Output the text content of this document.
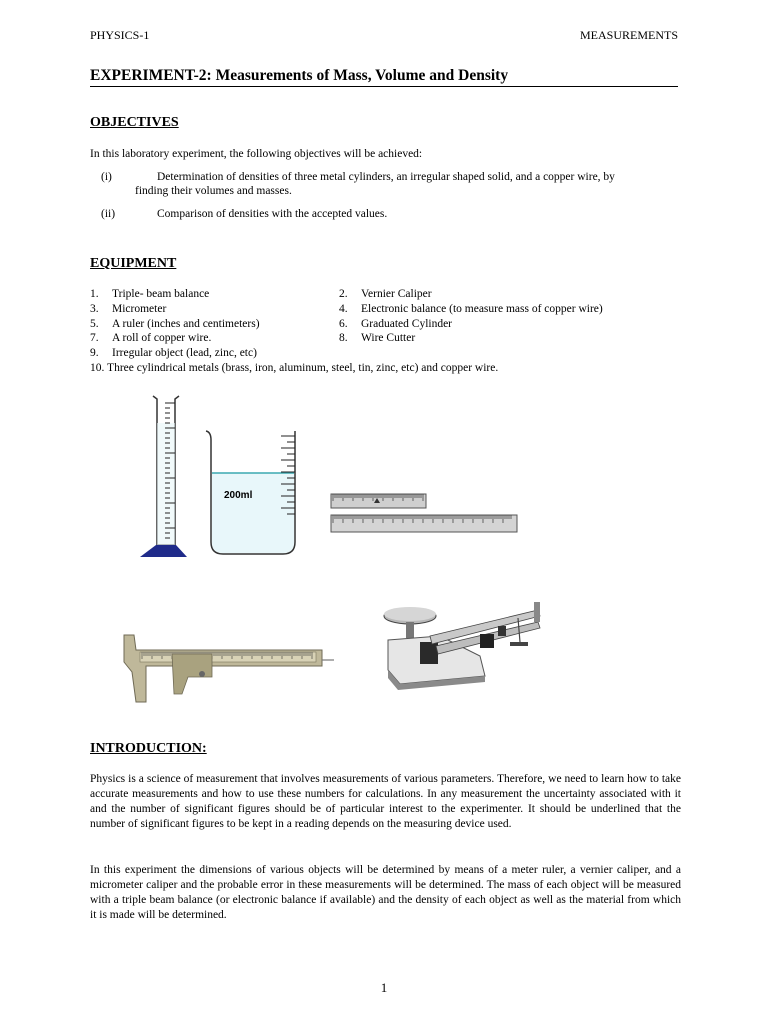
PHYSICS-1	MEASUREMENTS
EXPERIMENT-2: Measurements of Mass, Volume and Density
OBJECTIVES
In this laboratory experiment, the following objectives will be achieved:
(i)	Determination of densities of three metal cylinders, an irregular shaped solid, and a copper wire, by
finding their volumes and masses.
(ii)	Comparison of densities with the accepted values.
EQUIPMENT
1. Triple- beam balance	2. Vernier Caliper
3. Micrometer	4. Electronic balance (to measure mass of copper wire)
5. A ruler (inches and centimeters)	6. Graduated Cylinder
7. A roll of copper wire.	8. Wire Cutter
9. Irregular object (lead, zinc, etc)
10. Three cylindrical metals (brass, iron, aluminum, steel, tin, zinc, etc) and copper wire.
200ml
INTRODUCTION:
Physics is a science of measurement that involves measurements of various parameters. Therefore, we need to learn how to take accurate measurements and how to use these numbers for calculations. In any measurement the uncertainty associated with it and the number of significant figures should be of particular interest to the experimenter. It should be underlined that the number of significant figures to be kept in a reading depends on the measuring device used.
In this experiment the dimensions of various objects will be determined by means of a meter ruler, a vernier caliper, and a micrometer caliper and the probable error in these measurements will be determined. The mass of each object will be measured with a triple beam balance (or electronic balance if available) and the density of each object as well as the material from which it is made will be determined.
1
